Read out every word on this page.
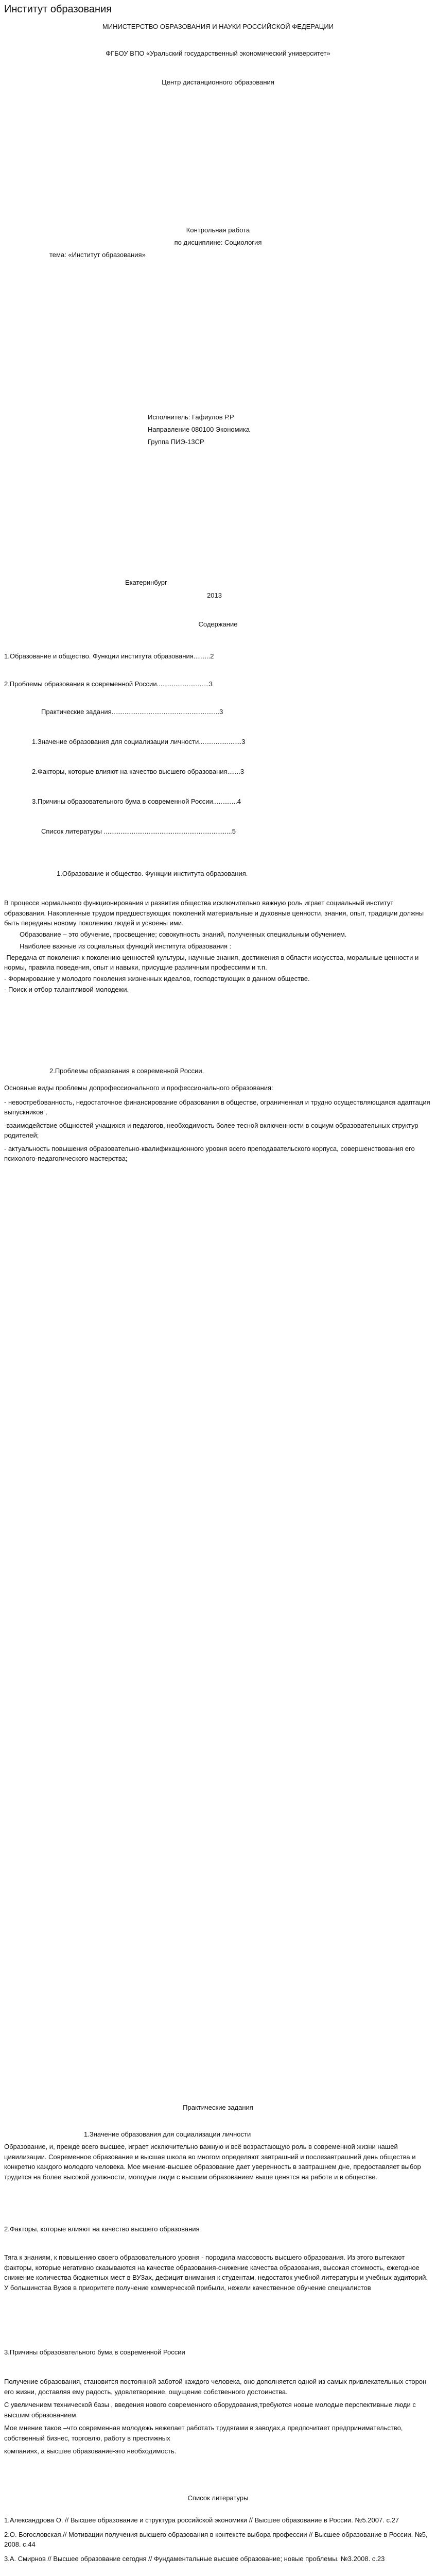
Институт образования
МИНИСТЕРСТВО ОБРАЗОВАНИЯ И НАУКИ РОССИЙСКОЙ ФЕДЕРАЦИИ
ФГБОУ ВПО «Уральский государственный экономический университет»
Центр дистанционного образования
Контрольная работа
по дисциплине: Социология
тема: «Институт образования»
Исполнитель: Гафиулов Р.Р
Направление 080100 Экономика
Группа ПИЭ-13СР
Екатеринбург
2013
Содержание
1.Образование и общество. Функции института образования.........2
2.Проблемы образования в современной России............................3
Практические задания..........................................................3
1.Значение образования для социализации личности.......................3
2.Факторы, которые влияют на качество высшего образования.......3
3.Причины образовательного бума в современной России.............4
Список литературы .....................................................................5
1.Образование и общество. Функции института образования.

В процессе нормального функционирования и развития общества исключительно важную роль играет социальный институт образования. Накопленные трудом предшествующих поколений материальные и духовные ценности, знания, опыт, традиции должны быть переданы новому поколению людей и усвоены ими.

Образование – это обучение, просвещение; совокупность знаний, полученных специальным обучением.

Наиболее важные из социальных функций института образования :

-Передача от поколения к поколению ценностей культуры, научные знания, достижения в области искусства, моральные ценности и нормы, правила поведения, опыт и навыки, присущие различным профессиям и т.п.

- Формирование у молодого поколения жизненных идеалов, господствующих в данном обществе.

- Поиск и отбор талантливой молодежи.

2.Проблемы образования в современной России.

Основные виды проблемы допрофессионального и профессионального образования:

- невостребованность, недостаточное финансирование образования в обществе, ограниченная и трудно осуществляющаяся адаптация выпускников ,

-взаимодействие общностей учащихся и педагогов, необходимость более тесной включенности в социум образовательных структур родителей;

- актуальность повышения образовательно-квалификационного уровня всего преподавательского корпуса, совершенствования его психолого-педагогического мастерства;

Практические задания
1.Значение образования для социализации личности

Образование, и, прежде всего высшее, играет исключительно важную и всё возрастающую роль в современной жизни нашей цивилизации. Современное образование и высшая школа во многом определяют завтрашний и послезавтрашний день общества и конкретно каждого молодого человека. Мое мнение-высшее образование дает уверенность в завтрашнем дне, предоставляет выбор трудится на более высокой должности, молодые люди с высшим образованием выше ценятся на работе и в обществе.

2.Факторы, которые влияют на качество высшего образования

Тяга к знаниям, к повышению своего образовательного уровня - породила массовость высшего образования. Из этого вытекают факторы, которые негативно сказываются на качестве образования-снижение качества образования, высокая стоимость, ежегодное снижение количества бюджетных мест в ВУЗах, дефицит внимания к студентам, недостаток учебной литературы и учебных аудиторий. У большинства Вузов в приоритете получение коммерческой прибыли, нежели качественное обучение специалистов

3.Причины образовательного бума в современной России

Получение образования, становится постоянной заботой каждого человека, оно дополняется одной из самых привлекательных сторон его жизни, доставляя ему радость, удовлетворение, ощущение собственного достоинства.

С увеличением технической базы , введения нового современного оборудования,требуются новые молодые перспективные люди с высшим образованием.

Мое мнение такое –что современная молодежь нежелает работать трудягами в заводах,а предпочитает предпринимательство, собственный бизнес, торговлю, работу в престижных

компаниях, а высшее образование-это необходимость.

Список литературы

1.Александрова О. // Высшее образование и структура российской экономики // Высшее образование в России. №5.2007. с.27

2.О. Богословская.// Мотивации получения высшего образования в контексте выбора профессии // Высшее образование в России. №5, 2008. с.44

3.А. Смирнов // Высшее образование сегодня // Фундаментальные высшее образование; новые проблемы. №3.2008. с.23
